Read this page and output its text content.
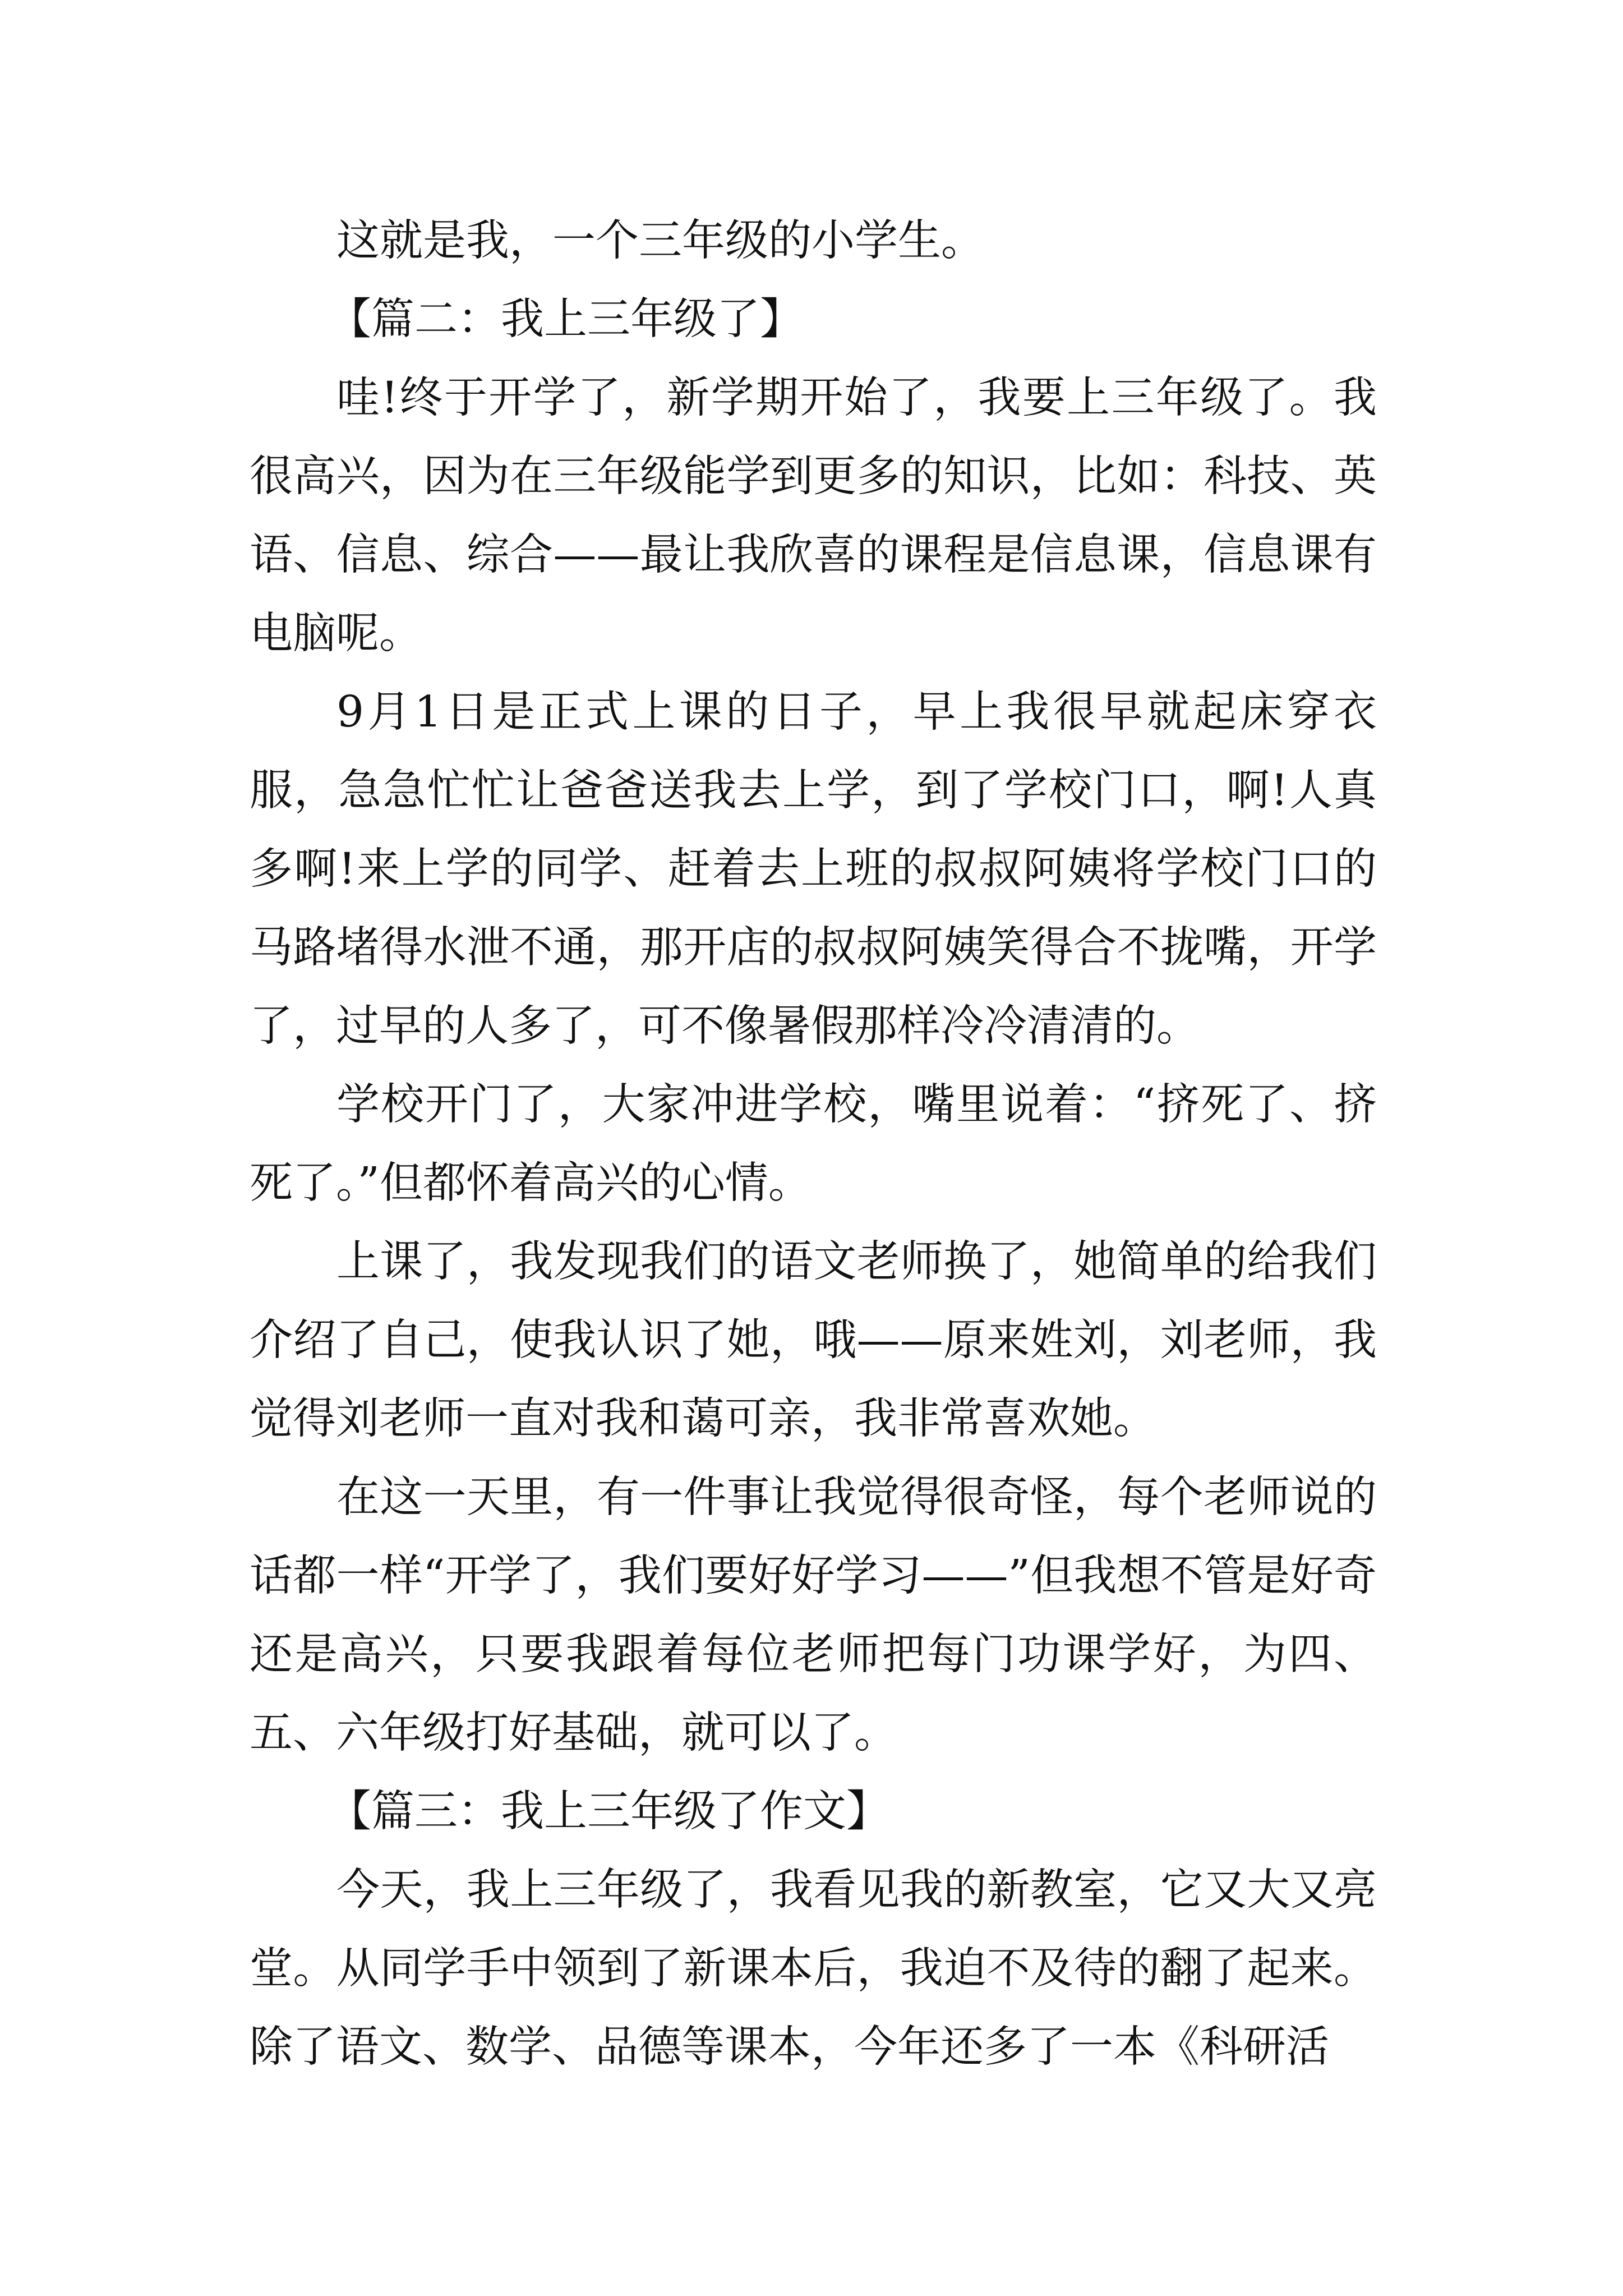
这就是我，一个三年级的小学生。

【篇二：我上三年级了】

哇!终于开学了，新学期开始了，我要上三年级了。我很高兴，因为在三年级能学到更多的知识，比如：科技、英语、信息、综合——最让我欣喜的课程是信息课，信息课有电脑呢。

9月1日是正式上课的日子，早上我很早就起床穿衣服，急急忙忙让爸爸送我去上学，到了学校门口，啊!人真多啊!来上学的同学、赶着去上班的叔叔阿姨将学校门口的马路堵得水泄不通，那开店的叔叔阿姨笑得合不拢嘴，开学了，过早的人多了，可不像暑假那样冷冷清清的。

学校开门了，大家冲进学校，嘴里说着：“挤死了、挤死了。”但都怀着高兴的心情。

上课了，我发现我们的语文老师换了，她简单的给我们介绍了自己，使我认识了她，哦——原来姓刘，刘老师，我觉得刘老师一直对我和蔼可亲，我非常喜欢她。

在这一天里，有一件事让我觉得很奇怪，每个老师说的话都一样“开学了，我们要好好学习——”但我想不管是好奇还是高兴，只要我跟着每位老师把每门功课学好，为四、五、六年级打好基础，就可以了。

【篇三：我上三年级了作文】

今天，我上三年级了，我看见我的新教室，它又大又亮堂。从同学手中领到了新课本后，我迫不及待的翻了起来。除了语文、数学、品德等课本，今年还多了一本《科研活
